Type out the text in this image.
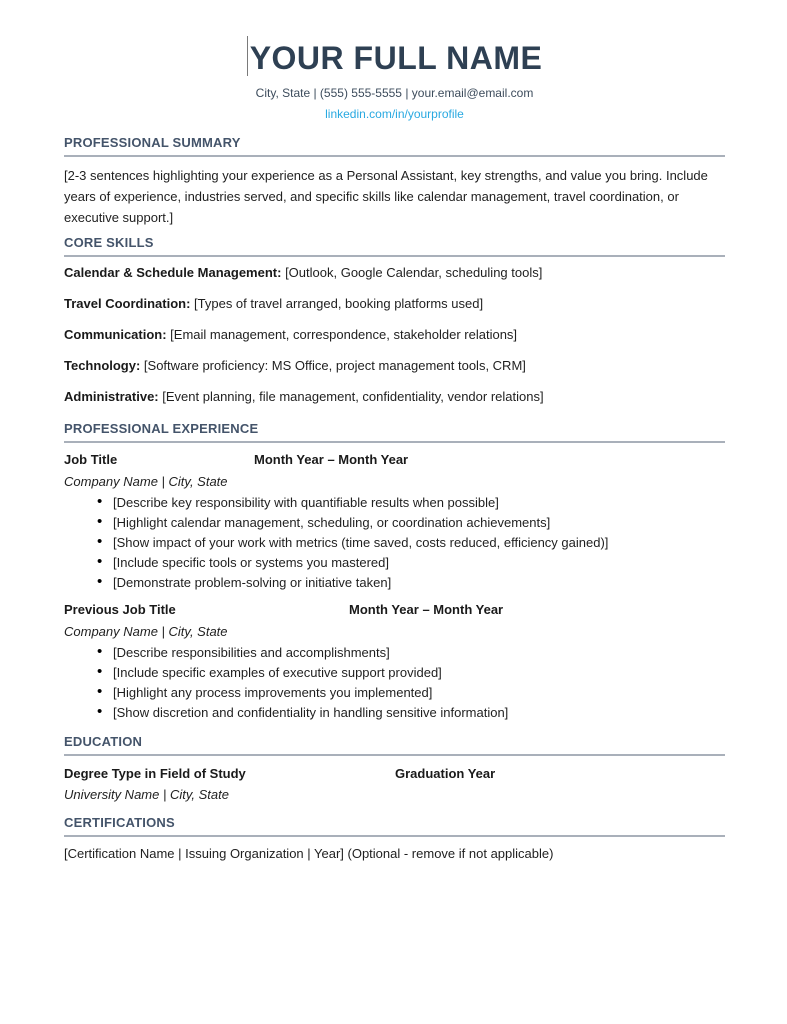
YOUR FULL NAME
City, State | (555) 555-5555 | your.email@email.com
linkedin.com/in/yourprofile
PROFESSIONAL SUMMARY
[2-3 sentences highlighting your experience as a Personal Assistant, key strengths, and value you bring. Include years of experience, industries served, and specific skills like calendar management, travel coordination, or executive support.]
CORE SKILLS
Calendar & Schedule Management: [Outlook, Google Calendar, scheduling tools]
Travel Coordination: [Types of travel arranged, booking platforms used]
Communication: [Email management, correspondence, stakeholder relations]
Technology: [Software proficiency: MS Office, project management tools, CRM]
Administrative: [Event planning, file management, confidentiality, vendor relations]
PROFESSIONAL EXPERIENCE
Job Title	Month Year – Month Year
Company Name | City, State
• [Describe key responsibility with quantifiable results when possible]
• [Highlight calendar management, scheduling, or coordination achievements]
• [Show impact of your work with metrics (time saved, costs reduced, efficiency gained)]
• [Include specific tools or systems you mastered]
• [Demonstrate problem-solving or initiative taken]
Previous Job Title	Month Year – Month Year
Company Name | City, State
• [Describe responsibilities and accomplishments]
• [Include specific examples of executive support provided]
• [Highlight any process improvements you implemented]
• [Show discretion and confidentiality in handling sensitive information]
EDUCATION
Degree Type in Field of Study	Graduation Year
University Name | City, State
CERTIFICATIONS
[Certification Name | Issuing Organization | Year] (Optional - remove if not applicable)
